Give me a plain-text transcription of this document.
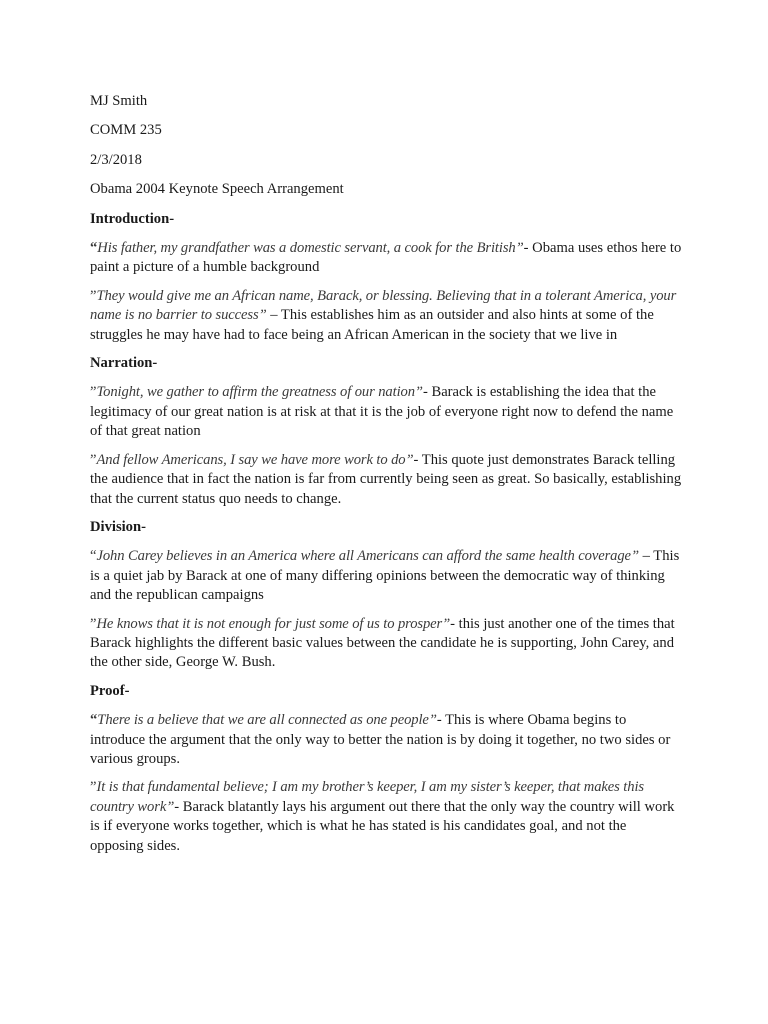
MJ Smith

COMM 235

2/3/2018

Obama 2004 Keynote Speech Arrangement

Introduction-

“His father, my grandfather was a domestic servant, a cook for the British”- Obama uses ethos here to paint a picture of a humble background

”They would give me an African name, Barack, or blessing. Believing that in a tolerant America, your name is no barrier to success” – This establishes him as an outsider and also hints at some of the struggles he may have had to face being an African American in the society that we live in

Narration-

”Tonight, we gather to affirm the greatness of our nation”- Barack is establishing the idea that the legitimacy of our great nation is at risk at that it is the job of everyone right now to defend the name of that great nation

”And fellow Americans, I say we have more work to do”- This quote just demonstrates Barack telling the audience that in fact the nation is far from currently being seen as great. So basically, establishing that the current status quo needs to change.

Division-

“John Carey believes in an America where all Americans can afford the same health coverage” – This is a quiet jab by Barack at one of many differing opinions between the democratic way of thinking and the republican campaigns

”He knows that it is not enough for just some of us to prosper”- this just another one of the times that Barack highlights the different basic values between the candidate he is supporting, John Carey, and the other side, George W. Bush.

Proof-

“There is a believe that we are all connected as one people”- This is where Obama begins to introduce the argument that the only way to better the nation is by doing it together, no two sides or various groups.

”It is that fundamental believe; I am my brother’s keeper, I am my sister’s keeper, that makes this country work”- Barack blatantly lays his argument out there that the only way the country will work is if everyone works together, which is what he has stated is his candidates goal, and not the opposing sides.
